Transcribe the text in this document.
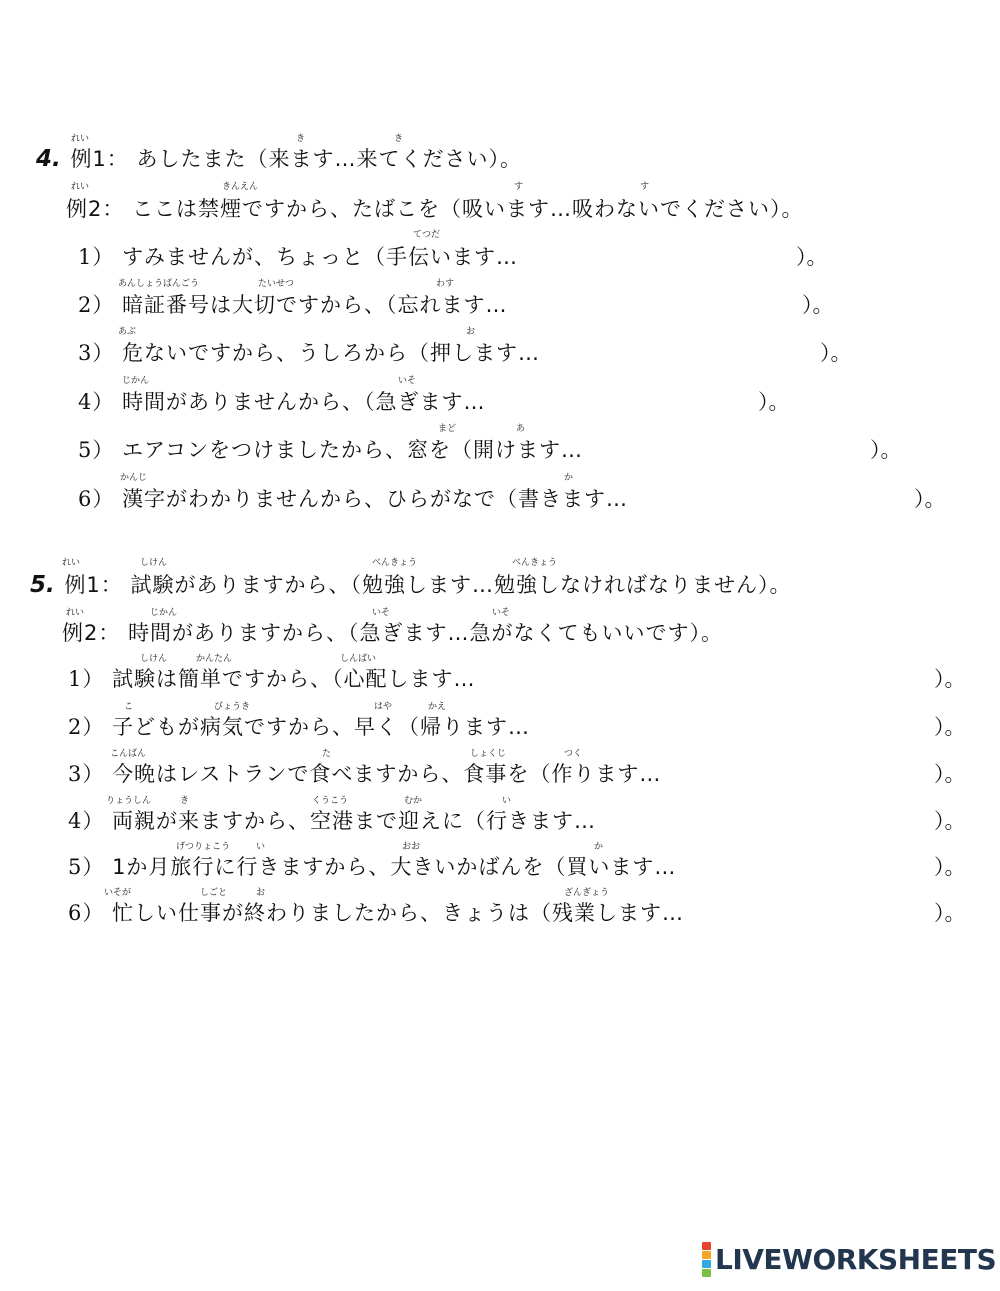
れい	き	き
4. 例1： あしたまた（来ます…来てください）。
れい	きんえん	す	す
例2： ここは禁煙ですから、たばこを（吸います…吸わないでください）。
てつだ
1） すみませんが、ちょっと（手伝います…	）。
あんしょうばんごう	たいせつ	わす
2） 暗証番号は大切ですから、（忘れます…	）。
あぶ	お
3） 危ないですから、うしろから（押します…	）。
じかん	いそ
4） 時間がありませんから、（急ぎます…	）。
まど	あ
5） エアコンをつけましたから、窓を（開けます…	）。
かんじ	か
6） 漢字がわかりませんから、ひらがなで（書きます…	）。
れい	しけん	べんきょう	べんきょう
5. 例1： 試験がありますから、（勉強します…勉強しなければなりません）。
れい	じかん	いそ	いそ
例2： 時間がありますから、（急ぎます…急がなくてもいいです）。
しけん	かんたん	しんぱい
1） 試験は簡単ですから、（心配します…	）。
こ	びょうき	はや	かえ
2） 子どもが病気ですから、早く（帰ります…	）。
こんばん	た	しょくじ	つく
3） 今晩はレストランで食べますから、食事を（作ります…	）。
りょうしん	き	くうこう	むか	い
4） 両親が来ますから、空港まで迎えに（行きます…	）。
げつりょこう	い	おお	か
5） 1か月旅行に行きますから、大きいかばんを（買います…	）。
いそが	しごと	お	ざんぎょう
6） 忙しい仕事が終わりましたから、きょうは（残業します…	）。
LIVEWORKSHEETS
